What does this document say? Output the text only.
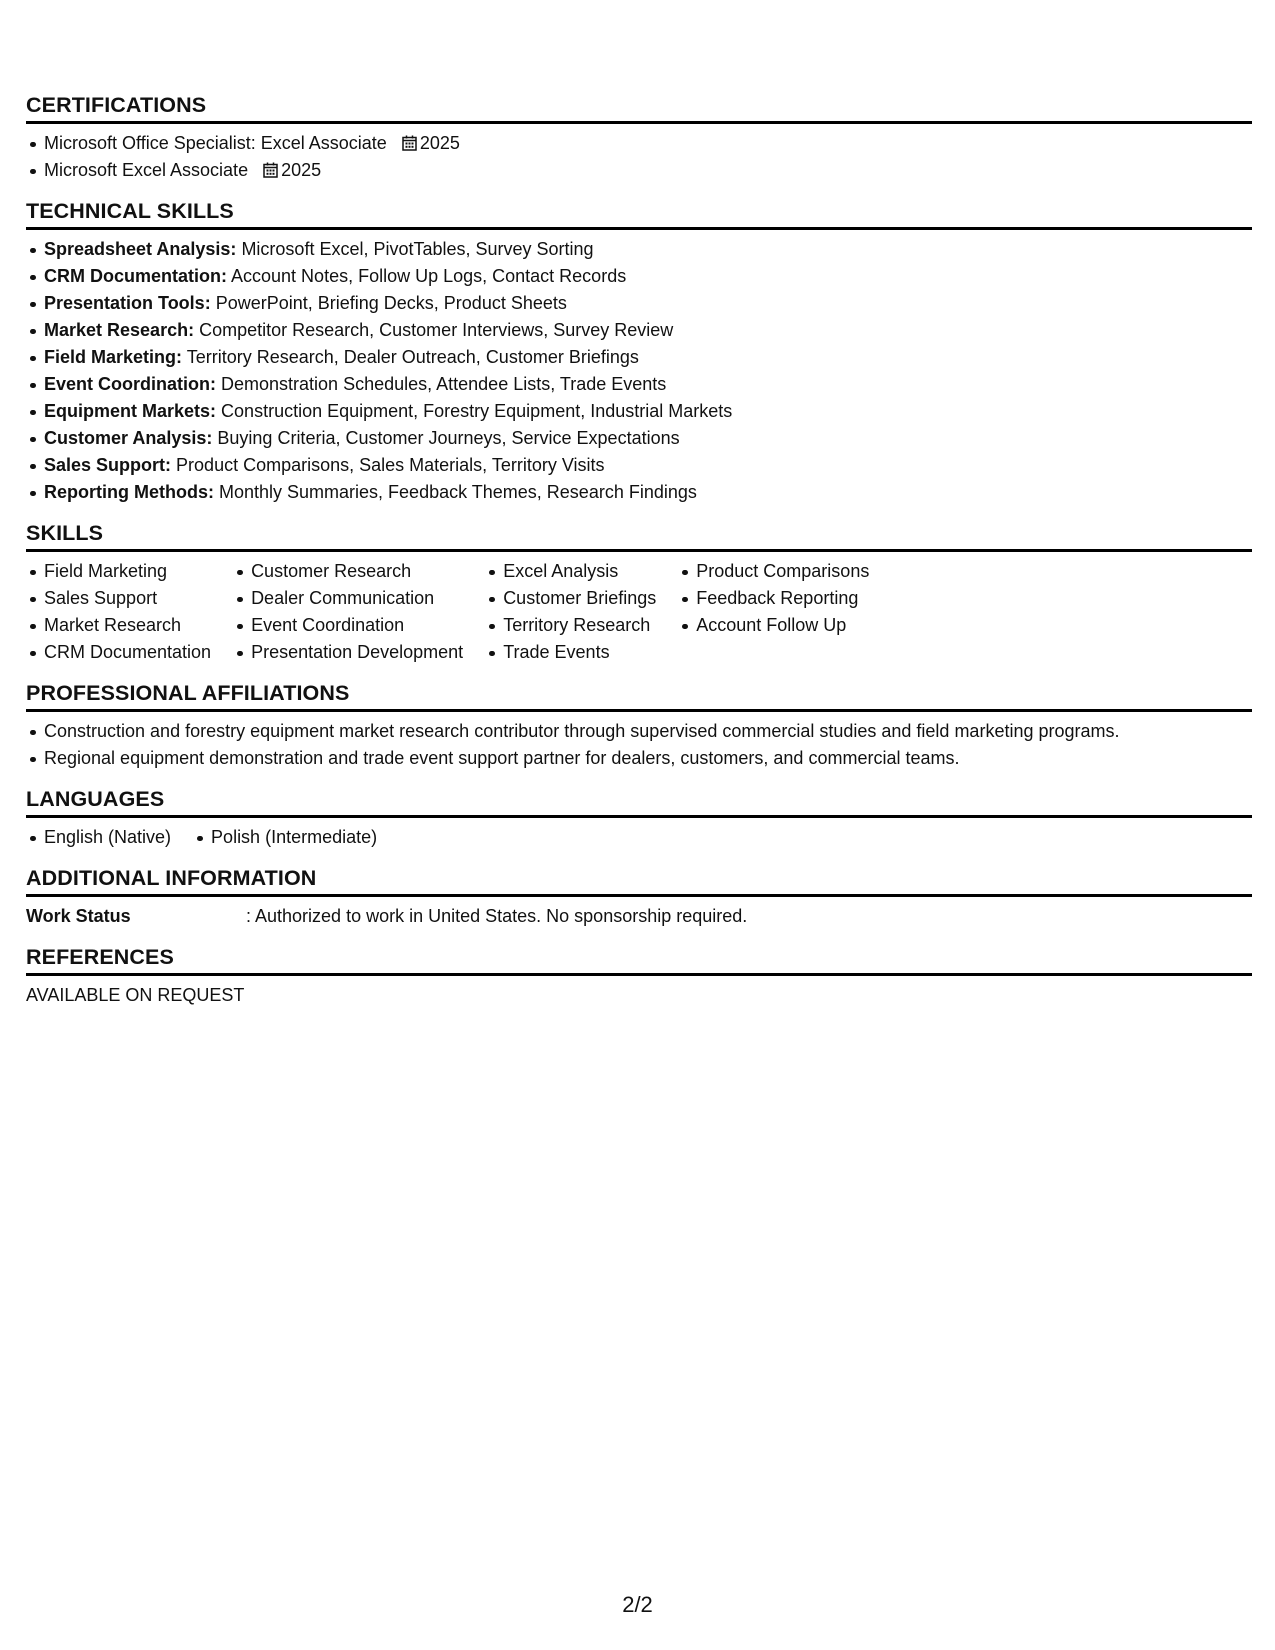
CERTIFICATIONS
Microsoft Office Specialist: Excel Associate 2025
Microsoft Excel Associate 2025
TECHNICAL SKILLS
Spreadsheet Analysis: Microsoft Excel, PivotTables, Survey Sorting
CRM Documentation: Account Notes, Follow Up Logs, Contact Records
Presentation Tools: PowerPoint, Briefing Decks, Product Sheets
Market Research: Competitor Research, Customer Interviews, Survey Review
Field Marketing: Territory Research, Dealer Outreach, Customer Briefings
Event Coordination: Demonstration Schedules, Attendee Lists, Trade Events
Equipment Markets: Construction Equipment, Forestry Equipment, Industrial Markets
Customer Analysis: Buying Criteria, Customer Journeys, Service Expectations
Sales Support: Product Comparisons, Sales Materials, Territory Visits
Reporting Methods: Monthly Summaries, Feedback Themes, Research Findings
SKILLS
Field Marketing
Sales Support
Market Research
CRM Documentation
Customer Research
Dealer Communication
Event Coordination
Presentation Development
Excel Analysis
Customer Briefings
Territory Research
Trade Events
Product Comparisons
Feedback Reporting
Account Follow Up
PROFESSIONAL AFFILIATIONS
Construction and forestry equipment market research contributor through supervised commercial studies and field marketing programs.
Regional equipment demonstration and trade event support partner for dealers, customers, and commercial teams.
LANGUAGES
English (Native)	Polish (Intermediate)
ADDITIONAL INFORMATION
Work Status	: Authorized to work in United States. No sponsorship required.
REFERENCES
AVAILABLE ON REQUEST
2/2
